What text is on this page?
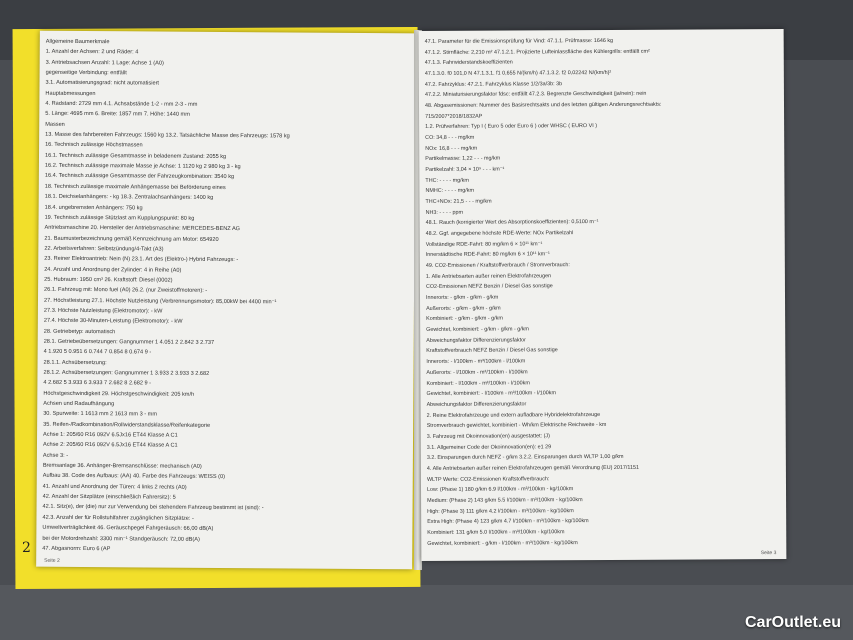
Allgemeine Baumerkmale
1. Anzahl der Achsen: 2 und Räder: 4
3. Antriebsachsen Anzahl: 1 Lage: Achse 1 (A0)
gegenseitige Verbindung: entfällt
3.1. Automatisierungsgrad: nicht automatisiert
Hauptabmessungen
4. Radstand: 2729 mm 4.1. Achsabstände 1-2 - mm 2-3 - mm
5. Länge: 4695 mm 6. Breite: 1857 mm 7. Höhe: 1440 mm
Massen
13. Masse des fahrbereiten Fahrzeugs: 1560 kg 13.2. Tatsächliche Masse des Fahrzeugs: 1578 kg
16. Technisch zulässige Höchstmassen
16.1. Technisch zulässige Gesamtmasse in beladenem Zustand: 2055 kg
16.2. Technisch zulässige maximale Masse je Achse: 1 1120 kg 2 980 kg 3 - kg
16.4. Technisch zulässige Gesamtmasse der Fahrzeugkombination: 3540 kg
18. Technisch zulässige maximale Anhängemasse bei Beförderung eines
18.1. Deichselanhängers: - kg 18.3. Zentralachsanhängers: 1400 kg
18.4. ungebremsten Anhängers: 750 kg
19. Technisch zulässige Stützlast am Kupplungspunkt: 80 kg
Antriebsmaschine 20. Hersteller der Antriebsmaschine: MERCEDES-BENZ AG
21. Baumusterbezeichnung gemäß Kennzeichnung am Motor: 654920
22. Arbeitsverfahren: Selbstzündung/4-Takt (A3)
23. Reiner Elektroantrieb: Nein (N) 23.1. Art des (Elektro-) Hybrid Fahrzeugs: -
24. Anzahl und Anordnung der Zylinder: 4 in Reihe (A0)
25. Hubraum: 1950 cm³ 26. Kraftstoff: Diesel (0002)
26.1. Fahrzeug mit: Mono fuel (A0) 26.2. (nur Zweistoffmotoren): -
27. Höchstleistung 27.1. Höchste Nutzleistung (Verbrennungsmotor): 85,00kW bei 4400 min⁻¹
27.3. Höchste Nutzleistung (Elektromotor): - kW
27.4. Höchste 30-Minuten-Leistung (Elektromotor): - kW
28. Getriebetyp: automatisch
28.1. Getriebeübersetzungen: Gangnummer 1 4.051 2 2.842 3 2.737
4 1.920 5 0.951 6 0.744 7 0.854 8 0.674 9 -
28.1.1. Achsübersetzung:
28.1.2. Achsübersetzungen: Gangnummer 1 3.933 2 3.933 3 2.682
4 2.682 5 3.933 6 3.933 7 2.682 8 2.682 9 -
Höchstgeschwindigkeit 29. Höchstgeschwindigkeit: 205 km/h
Achsen und Radaufhängung
30. Spurweite: 1 1613 mm 2 1613 mm 3 - mm
35. Reifen-/Radkombination/Rollwiderstandsklasse/Reifenkategorie
Achse 1: 205/60 R16 092V 6.5Jx16 ET44 Klasse A C1
Achse 2: 205/60 R16 092V 6.5Jx16 ET44 Klasse A C1
Achse 3: -
Bremsanlage 36. Anhänger-Bremsanschlüsse: mechanisch (A0)
Aufbau 38. Code des Aufbaus: (AA) 40. Farbe des Fahrzeugs: WEISS (0)
41. Anzahl und Anordnung der Türen: 4 links 2 rechts (A0)
42. Anzahl der Sitzplätze (einschließlich Fahrersitz): 5
42.1. Sitz(e), der (die) nur zur Verwendung bei stehendem Fahrzeug bestimmt ist (sind): -
42.3. Anzahl der für Rollstuhlfahrer zugänglichen Sitzplätze: -
Umweltverträglichkeit 46. Geräuschpegel Fahrgeräusch: 66,00 dB(A)
bei der Motordrehzahl: 3300 min⁻¹ Standgeräusch: 72,00 dB(A)
47. Abgasnorm: Euro 6 (AP
Seite 2
47.1. Parameter für die Emissionsprüfung für Vind: 47.1.1. Prüfmasse: 1646 kg
47.1.2. Stirnfläche: 2,210 m² 47.1.2.1. Projizierte Lufteinlassfläche des Kühlergrills: entfällt cm²
47.1.3. Fahrwiderstandskoeffizienten
47.1.3.0. f0 101,0 N 47.1.3.1. f1 0,655 N/(km/h) 47.1.3.2. f2 0,02242 N/(km/h)²
47.2. Fahrzyklus: 47.2.1. Fahrzyklus Klasse 1/2/3a/3b: 3b
47.2.2. Miniaturisierungsfaktor fdsc: entfällt 47.2.3. Begrenzte Geschwindigkeit (ja/nein): nein
48. Abgasemissionen: Nummer des Basisrechtsakts und des letzten gültigen Änderungsrechtsakts:
715/2007*2018/1832AP
1.2. Prüfverfahren: Typ I ( Euro 5 oder Euro 6 ) oder WHSC ( EURO VI )
CO: 34,8 - - - mg/km
NOx: 16,8 - - - mg/km
Partikelmasse: 1,22 - - - mg/km
Partikelzahl: 3,04 × 10⁹ - - - km⁻¹
THC: - - - - mg/km
NMHC: - - - - mg/km
THC+NOx: 21,5 - - - mg/km
NH3: - - - - ppm
48.1. Rauch (korrigierter Wert des Absorptionskoeffizienten): 0,5100 m⁻¹
48.2. Ggf. angegebene höchste RDE-Werte: NOx Partikelzahl
Vollständige RDE-Fahrt: 80 mg/km 6 × 10¹¹ km⁻¹
Innerstädtische RDE-Fahrt: 80 mg/km 6 × 10¹¹ km⁻¹
49. CO2-Emissionen / Kraftstoffverbrauch / Stromverbrauch:
1. Alle Antriebsarten außer reinen Elektrofahrzeugen
CO2-Emissionen NEFZ Benzin / Diesel Gas sonstige
Innerorts: - g/km - g/km - g/km
Außerorts: - g/km - g/km - g/km
Kombiniert: - g/km - g/km - g/km
Gewichtet, kombiniert: - g/km - g/km - g/km
Abweichungsfaktor Differenzierungsfaktor
Kraftstoffverbrauch NEFZ Benzin / Diesel Gas sonstige
Innerorts: - l/100km - m³/100km - l/100km
Außerorts: - l/100km - m³/100km - l/100km
Kombiniert: - l/100km - m³/100km - l/100km
Gewichtet, kombiniert: - l/100km - m³/100km - l/100km
Abweichungsfaktor Differenzierungsfaktor
2. Reine Elektrofahrzeuge und extern aufladbare Hybridelektrofahrzeuge
Stromverbrauch gewichtet, kombiniert - Wh/km Elektrische Reichweite - km
3. Fahrzeug mit Ökoinnovation(en) ausgestattet: (J)
3.1. Allgemeiner Code der Ökoinnovation(en): e1 29
3.2. Einsparungen durch NEFZ - g/km 3.2.2. Einsparungen durch WLTP 1,00 g/km
4. Alle Antriebsarten außer reinen Elektrofahrzeugen gemäß Verordnung (EU) 2017/1151
WLTP Werte: CO2-Emissionen Kraftstoffverbrauch:
Low: (Phase 1) 180 g/km 6.9 l/100km - m³/100km - kg/100km
Medium: (Phase 2) 143 g/km 5.5 l/100km - m³/100km - kg/100km
High: (Phase 3) 111 g/km 4.2 l/100km - m³/100km - kg/100km
Extra High: (Phase 4) 123 g/km 4.7 l/100km - m³/100km - kg/100km
Kombiniert: 131 g/km 5.0 l/100km - m³/100km - kg/100km
Gewichtet, kombiniert: - g/km - l/100km - m³/100km - kg/100km
Seite 3
2
CarOutlet.eu
